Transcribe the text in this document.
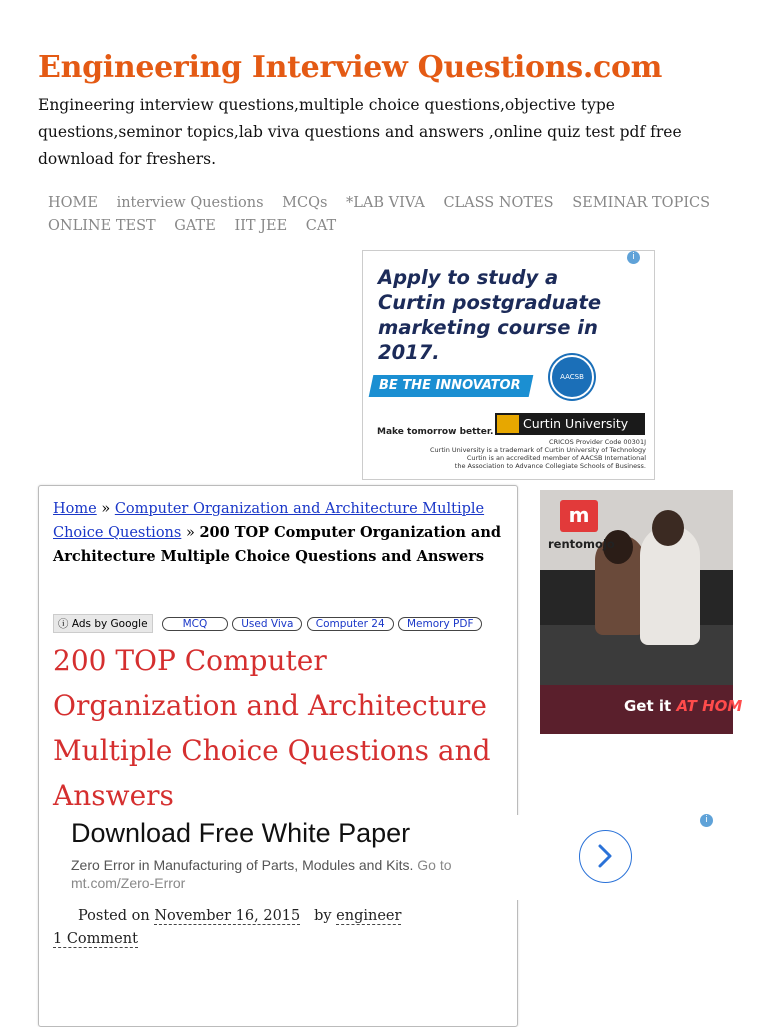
Engineering Interview Questions.com
Engineering interview questions,multiple choice questions,objective type questions,seminor topics,lab viva questions and answers ,online quiz test pdf free download for freshers.
HOME interview Questions MCQs *LAB VIVA CLASS NOTES SEMINAR TOPICS ONLINE TEST GATE IIT JEE CAT
i
Apply to study a Curtin postgraduate marketing course in 2017.
BE THE INNOVATOR
AACSB
Make tomorrow better.
Curtin University
CRICOS Provider Code 00301J
Curtin University is a trademark of Curtin University of Technology
Curtin is an accredited member of AACSB International
the Association to Advance Collegiate Schools of Business.
m
rentomojo
Get it AT HOM
Home » Computer Organization and Architecture Multiple Choice Questions » 200 TOP Computer Organization and Architecture Multiple Choice Questions and Answers
ⓘ Ads by Google	MCQ	Used Viva Computer 24 Memory PDF
200 TOP Computer Organization and Architecture Multiple Choice Questions and Answers
Download Free White Paper
Zero Error in Manufacturing of Parts, Modules and Kits. Go to mt.com/Zero-Error
i
Posted on November 16, 2015 by engineer  1 Comment
